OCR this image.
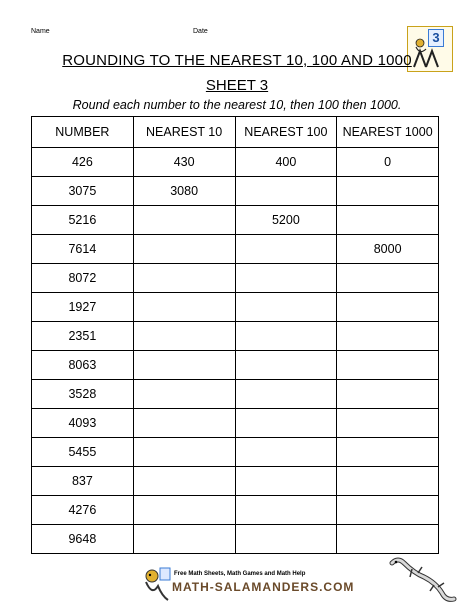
Name	Date	3
ROUNDING TO THE NEAREST 10, 100 AND 1000
SHEET 3
Round each number to the nearest 10, then 100 then 1000.
NUMBER	NEAREST 10	NEAREST 100	NEAREST 1000
426	430	400	0
3075	3080		
5216		5200	
7614			8000
8072			
1927			
2351			
8063			
3528			
4093			
5455			
837			
4276			
9648			
Free Math Sheets, Math Games and Math Help
MATH-SALAMANDERS.COM
